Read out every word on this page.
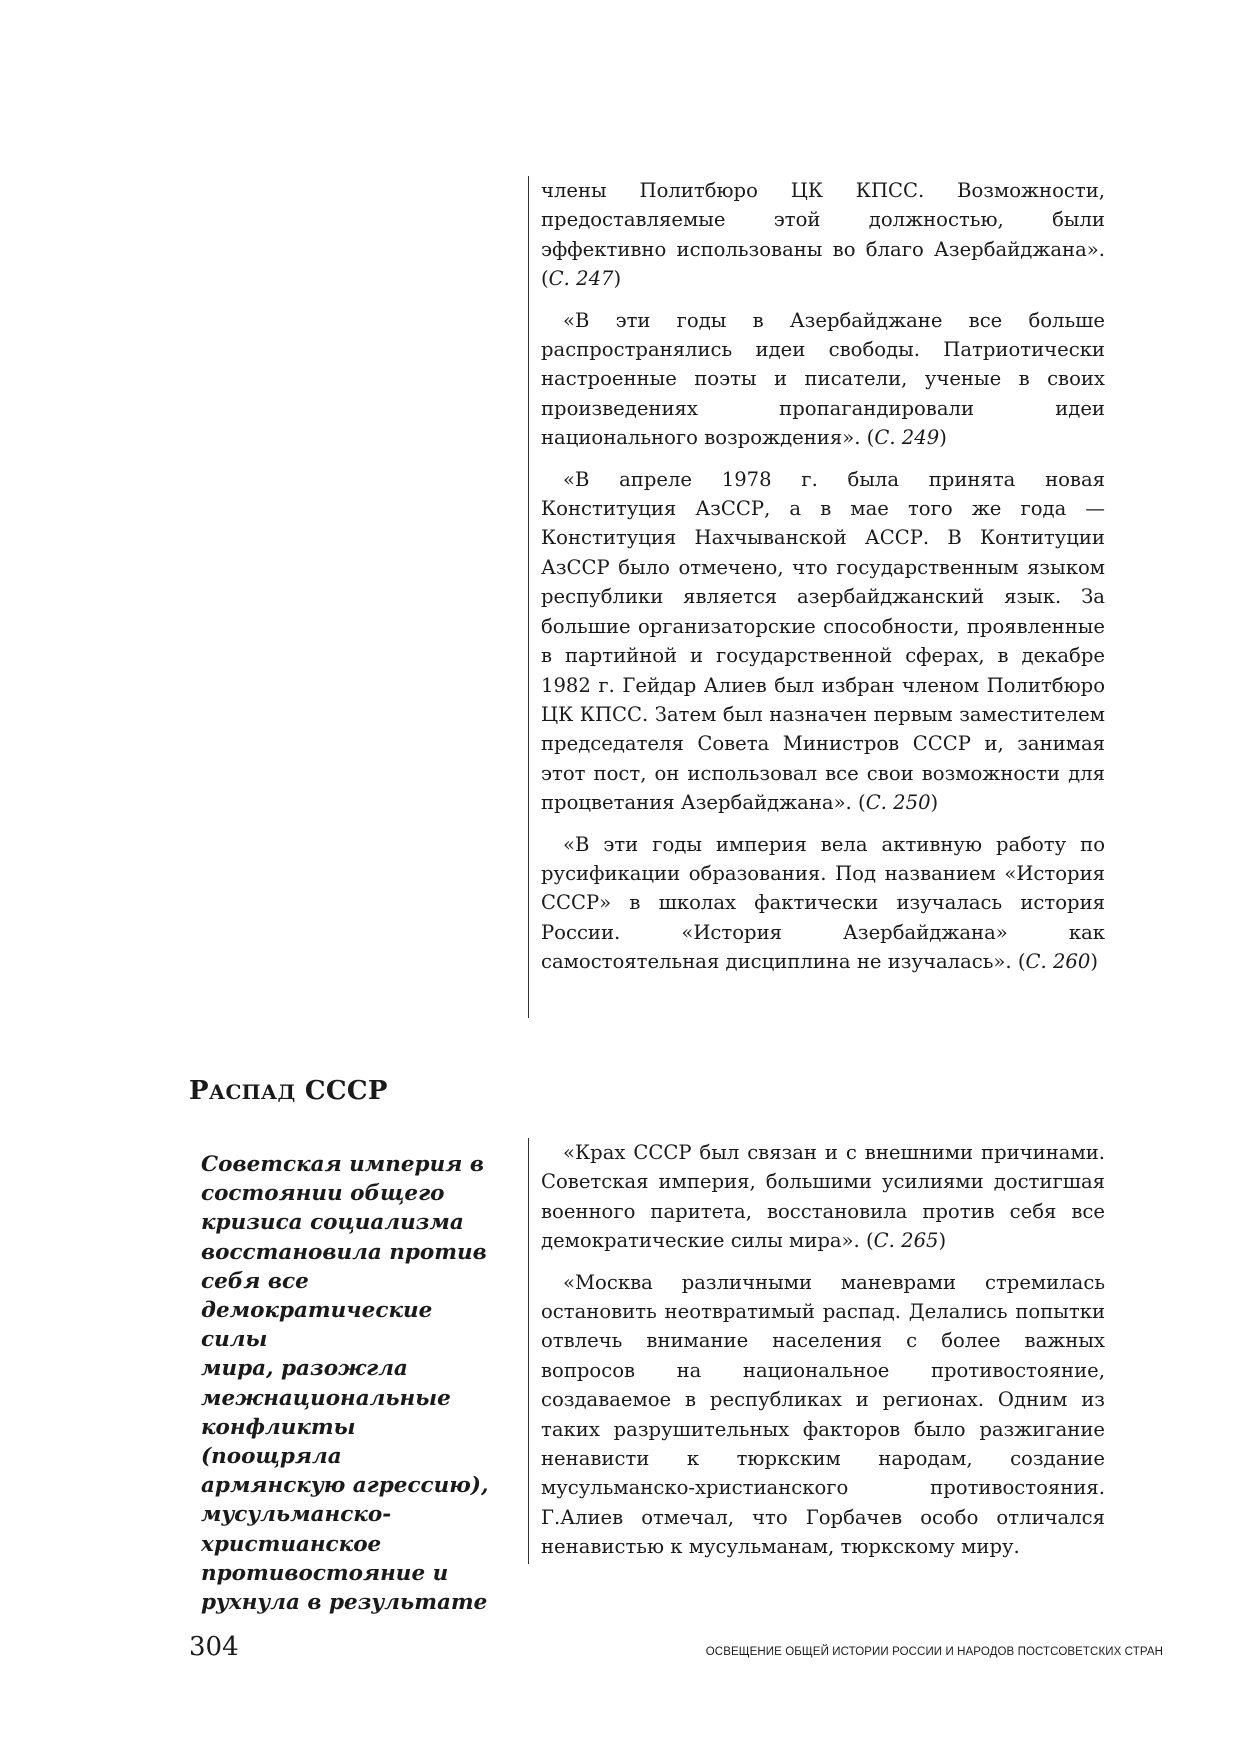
члены Политбюро ЦК КПСС. Возможности, предоставляемые этой должностью, были эффективно использованы во благо Азербайджана». (С. 247)

«В эти годы в Азербайджане все больше распространялись идеи свободы. Патриотически настроенные поэты и писатели, ученые в своих произведениях пропагандировали идеи национального возрождения». (С. 249)

«В апреле 1978 г. была принята новая Конституция АзССР, а в мае того же года — Конституция Нахчыванской АССР. В Контитуции АзССР было отмечено, что государственным языком республики является азербайджанский язык. За большие организаторские способности, проявленные в партийной и государственной сферах, в декабре 1982 г. Гейдар Алиев был избран членом Политбюро ЦК КПСС. Затем был назначен первым заместителем председателя Совета Министров СССР и, занимая этот пост, он использовал все свои возможности для процветания Азербайджана». (С. 250)

«В эти годы империя вела активную работу по русификации образования. Под названием «История СССР» в школах фактически изучалась история России. «История Азербайджана» как самостоятельная дисциплина не изучалась». (С. 260)

РАСПАД СССР
Советская империя в
состоянии общего
кризиса социализма
восстановила против
себя все
демократические силы
мира, разожгла
межнациональные
конфликты (поощряла
армянскую агрессию),
мусульманско-
христианское
противостояние и
рухнула в результате

«Крах СССР был связан и с внешними причинами. Советская империя, большими усилиями достигшая военного паритета, восстановила против себя все демократические силы мира». (С. 265)

«Москва различными маневрами стремилась остановить неотвратимый распад. Делались попытки отвлечь внимание населения с более важных вопросов на национальное противостояние, создаваемое в республиках и регионах. Одним из таких разрушительных факторов было разжигание ненависти к тюркским народам, создание мусульманско-христианского противостояния. Г.Алиев отмечал, что Горбачев особо отличался ненавистью к мусульманам, тюркскому миру.

304	ОСВЕЩЕНИЕ ОБЩЕЙ ИСТОРИИ РОССИИ И НАРОДОВ ПОСТСОВЕТСКИХ СТРАН
